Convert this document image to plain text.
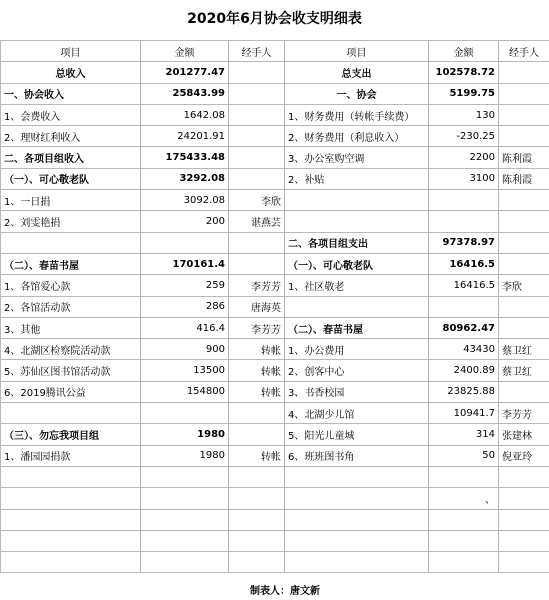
2020年6月协会收支明细表
项目	金额	经手人	项目	金额	经手人
总收入	201277.47		总支出	102578.72	
一、协会收入	25843.99		一、协会	5199.75	
1、会费收入	1642.08		1、财务费用（转帐手续费）	130	
2、理财红利收入	24201.91		2、财务费用（利息收入）	-230.25	
二、各项目组收入	175433.48		3、办公室购空调	2200	陈利霞
（一）、可心敬老队	3292.08		2、补贴	3100	陈利霞
1、一日捐	3092.08	李欣			
2、刘雯艳捐	200	谌燕芸			
			二、各项目组支出	97378.97	
（二）、春苗书屋	170161.4		（一）、可心敬老队	16416.5	
1、各馆爱心款	259	李芳芳	1、社区敬老	16416.5	李欣
2、各馆活动款	286	唐海英			
3、其他	416.4	李芳芳	（二）、春苗书屋	80962.47	
4、北湖区检察院活动款	900	转帐	1、办公费用	43430	蔡卫红
5、苏仙区图书馆活动款	13500	转帐	2、创客中心	2400.89	蔡卫红
6、2019腾讯公益	154800	转帐	3、书香校园	23825.88	
			4、北湖少儿馆	10941.7	李芳芳
（三）、勿忘我项目组	1980		5、阳光儿童城	314	张建林
1、潘园园捐款	1980	转帐	6、班班图书角	50	倪亚玲

				、	

制表人：唐文新
